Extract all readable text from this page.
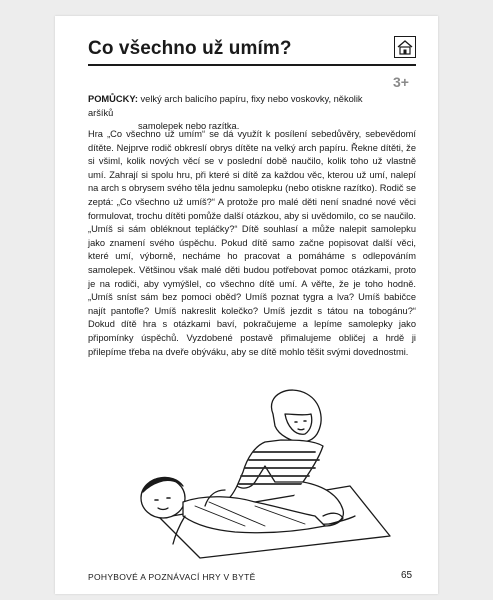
Co všechno už umím?
3+
POMŮCKY: velký arch balicího papíru, fixy nebo voskovky, několik aršíků
samolepek nebo razítka.

Hra „Co všechno už umím“ se dá využít k posílení sebedůvěry, sebevědomí dítěte. Nejprve rodič obkreslí obrys dítěte na velký arch papíru. Řekne dítěti, že si všiml, kolik nových věcí se v poslední době naučilo, kolik toho už vlastně umí. Zahrají si spolu hru, při které si dítě za každou věc, kterou už umí, nalepí na arch s obrysem svého těla jednu samolepku (nebo otiskne razítko). Rodič se zeptá: „Co všechno už umíš?“ A protože pro malé děti není snadné nové věci formulovat, trochu dítěti pomůže další otázkou, aby si uvědomilo, co se naučilo. „Umíš si sám obléknout tepláčky?“ Dítě souhlasí a může nalepit samolepku jako znamení svého úspěchu. Pokud dítě samo začne popisovat další věci, které umí, výborně, necháme ho pracovat a pomáháme s odlepováním samolepek. Většinou však malé děti budou potřebovat pomoc otázkami, proto je na rodiči, aby vymýšlel, co všechno dítě umí. A věřte, že je toho hodně. „Umíš sníst sám bez pomoci oběd? Umíš poznat tygra a lva? Umíš babičce najít pantofle? Umíš nakreslit kolečko? Umíš jezdit s tátou na tobogánu?“ Dokud dítě hra s otázkami baví, pokračujeme a lepíme samolepky jako připomínky úspěchů. Vyzdobené postavě přimalujeme obličej a hrdě ji přilepíme třeba na dveře obýváku, aby se dítě mohlo těšit svými dovednostmi.

POHYBOVÉ A POZNÁVACÍ HRY V BYTĚ	65
